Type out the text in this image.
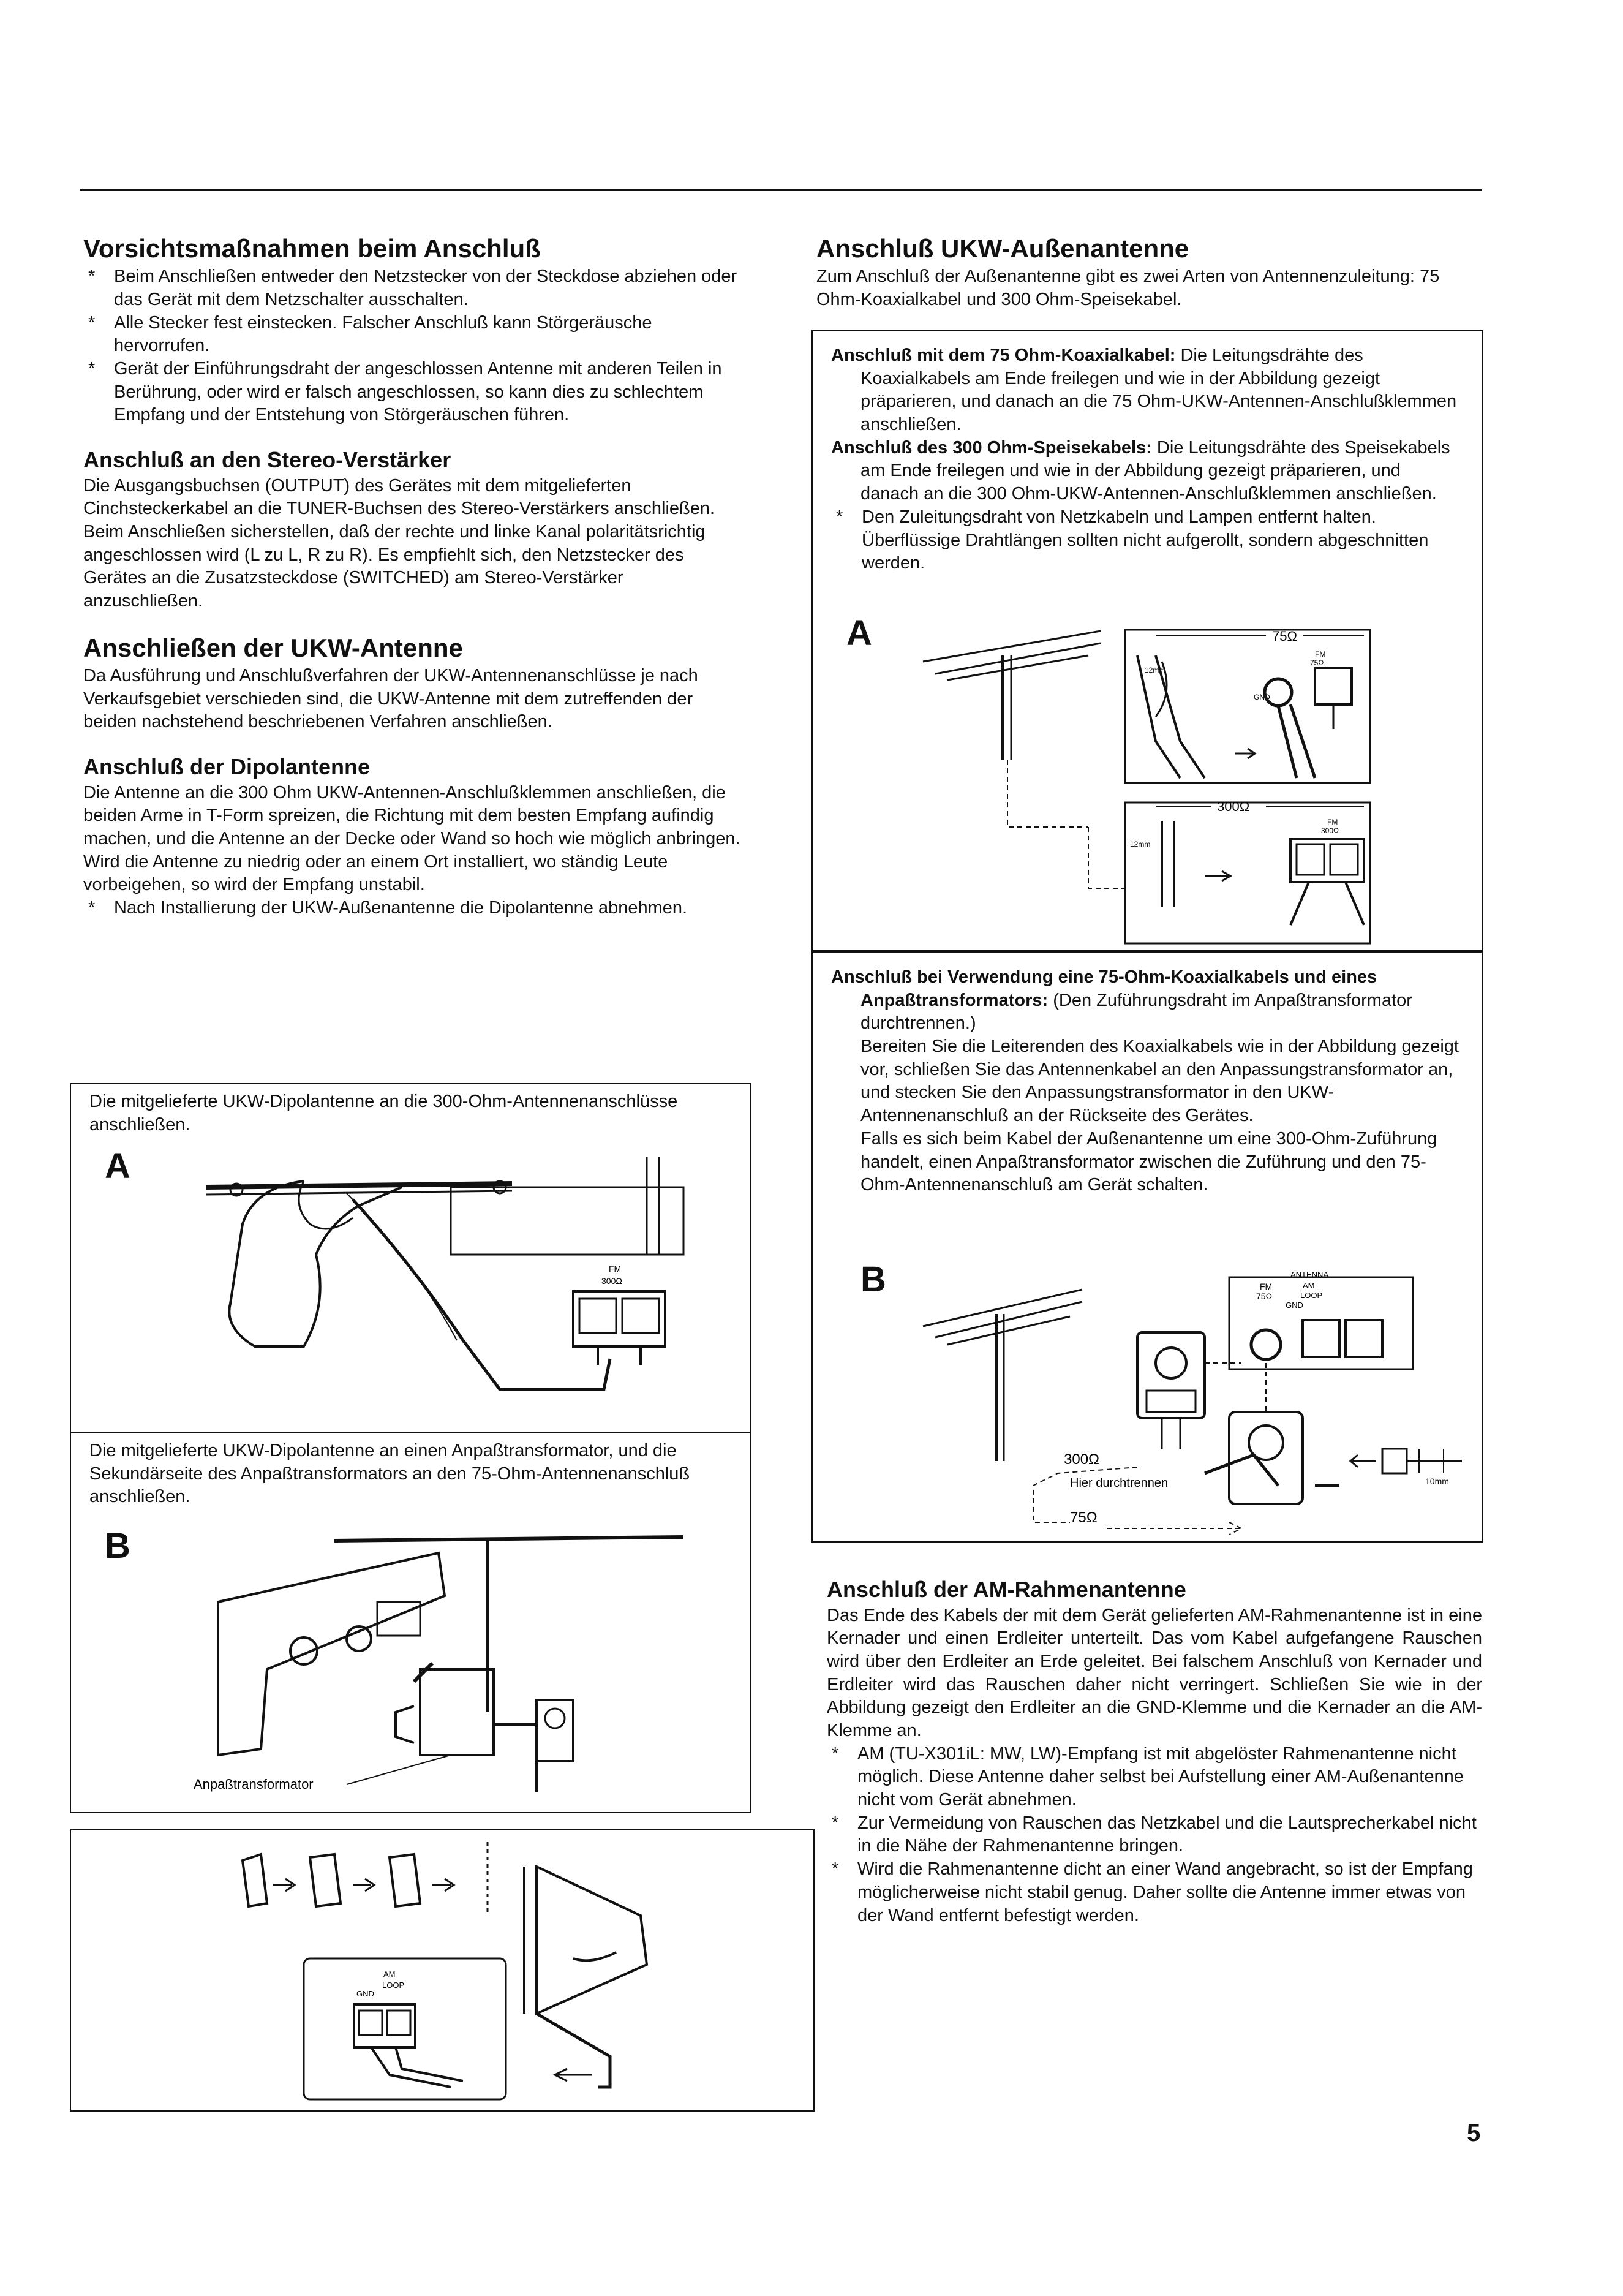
Vorsichtsmaßnahmen beim Anschluß
* Beim Anschließen entweder den Netzstecker von der Steckdose abziehen oder das Gerät mit dem Netzschalter ausschalten.
* Alle Stecker fest einstecken. Falscher Anschluß kann Störgeräusche hervorrufen.
* Gerät der Einführungsdraht der angeschlossen Antenne mit anderen Teilen in Berührung, oder wird er falsch angeschlossen, so kann dies zu schlechtem Empfang und der Entstehung von Störgeräuschen führen.
Anschluß an den Stereo-Verstärker

Die Ausgangsbuchsen (OUTPUT) des Gerätes mit dem mitgelieferten Cinchsteckerkabel an die TUNER-Buchsen des Stereo-Verstärkers anschließen.

Beim Anschließen sicherstellen, daß der rechte und linke Kanal polaritätsrichtig angeschlossen wird (L zu L, R zu R). Es empfiehlt sich, den Netzstecker des Gerätes an die Zusatzsteckdose (SWITCHED) am Stereo-Verstärker anzuschließen.

Anschließen der UKW-Antenne

Da Ausführung und Anschlußverfahren der UKW-Antennenanschlüsse je nach Verkaufsgebiet verschieden sind, die UKW-Antenne mit dem zutreffenden der beiden nachstehend beschriebenen Verfahren anschließen.

Anschluß der Dipolantenne

Die Antenne an die 300 Ohm UKW-Antennen-Anschlußklemmen anschließen, die beiden Arme in T-Form spreizen, die Richtung mit dem besten Empfang aufindig machen, und die Antenne an der Decke oder Wand so hoch wie möglich anbringen. Wird die Antenne zu niedrig oder an einem Ort installiert, wo ständig Leute vorbeigehen, so wird der Empfang unstabil.

* Nach Installierung der UKW-Außenantenne die Dipolantenne abnehmen.
Die mitgelieferte UKW-Dipolantenne an die 300-Ohm-Antennenanschlüsse anschließen.
A
FM
300Ω
Die mitgelieferte UKW-Dipolantenne an einen Anpaßtransformator, und die Sekundärseite des Anpaßtransformators an den 75-Ohm-Antennenanschluß anschließen.
B
Anpaßtransformator
AM
LOOP
GND
Anschluß UKW-Außenantenne

Zum Anschluß der Außenantenne gibt es zwei Arten von Antennenzuleitung: 75 Ohm-Koaxialkabel und 300 Ohm-Speisekabel.

Anschluß mit dem 75 Ohm-Koaxialkabel: Die Leitungsdrähte des Koaxialkabels am Ende freilegen und wie in der Abbildung gezeigt präparieren, und danach an die 75 Ohm-UKW-Antennen-Anschlußklemmen anschließen.

Anschluß des 300 Ohm-Speisekabels: Die Leitungsdrähte des Speisekabels am Ende freilegen und wie in der Abbildung gezeigt präparieren, und danach an die 300 Ohm-UKW-Antennen-Anschlußklemmen anschließen.

* Den Zuleitungsdraht von Netzkabeln und Lampen entfernt halten. Überflüssige Drahtlängen sollten nicht aufgerollt, sondern abgeschnitten werden.
A	75Ω
FM
75Ω
12mm
GND
300Ω
FM
300Ω
12mm

Anschluß bei Verwendung eine 75-Ohm-Koaxialkabels und eines Anpaßtransformators: (Den Zuführungsdraht im Anpaßtransformator durchtrennen.)

Bereiten Sie die Leiterenden des Koaxialkabels wie in der Abbildung gezeigt vor, schließen Sie das Antennenkabel an den Anpassungstransformator an, und stecken Sie den Anpassungstransformator in den UKW-Antennenanschluß an der Rückseite des Gerätes.

Falls es sich beim Kabel der Außenantenne um eine 300-Ohm-Zuführung handelt, einen Anpaßtransformator zwischen die Zuführung und den 75-Ohm-Antennenanschluß am Gerät schalten.

B	ANTENNA
FM	AM
75Ω	LOOP
GND
300Ω
Hier durchtrennen
75Ω
10mm
Anschluß der AM-Rahmenantenne

Das Ende des Kabels der mit dem Gerät gelieferten AM-Rahmenantenne ist in eine Kernader und einen Erdleiter unterteilt. Das vom Kabel aufgefangene Rauschen wird über den Erdleiter an Erde geleitet. Bei falschem Anschluß von Kernader und Erdleiter wird das Rauschen daher nicht verringert. Schließen Sie wie in der Abbildung gezeigt den Erdleiter an die GND-Klemme und die Kernader an die AM-Klemme an.

* AM (TU-X301iL: MW, LW)-Empfang ist mit abgelöster Rahmenantenne nicht möglich. Diese Antenne daher selbst bei Aufstellung einer AM-Außenantenne nicht vom Gerät abnehmen.
* Zur Vermeidung von Rauschen das Netzkabel und die Lautsprecherkabel nicht in die Nähe der Rahmenantenne bringen.
* Wird die Rahmenantenne dicht an einer Wand angebracht, so ist der Empfang möglicherweise nicht stabil genug. Daher sollte die Antenne immer etwas von der Wand entfernt befestigt werden.
5
